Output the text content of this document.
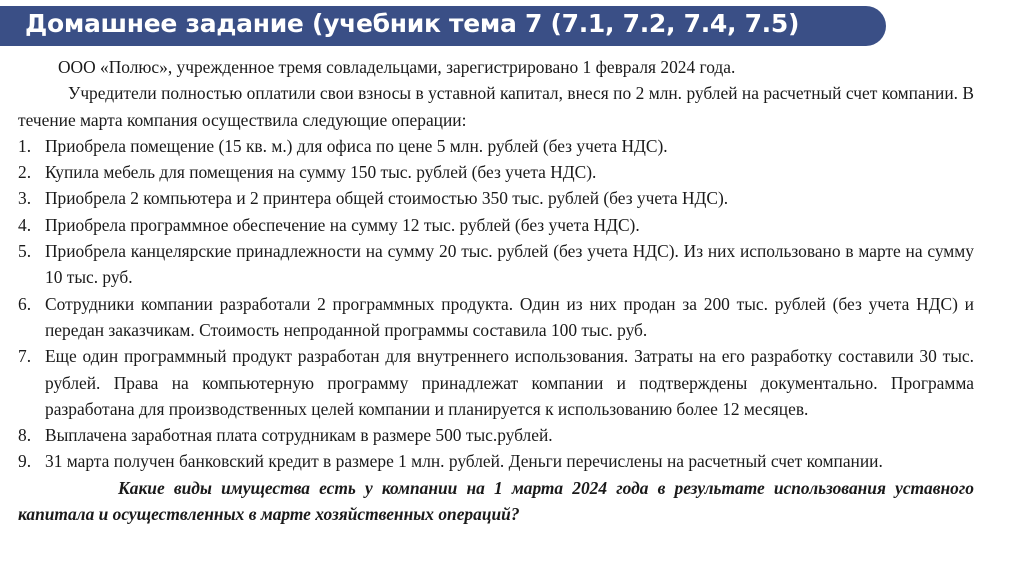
Домашнее задание (учебник тема 7 (7.1, 7.2, 7.4, 7.5)

ООО «Полюс», учрежденное тремя совладельцами, зарегистрировано 1 февраля 2024 года.

Учредители полностью оплатили свои взносы в уставной капитал, внеся по 2 млн. рублей на расчетный счет компании. В течение марта компания осуществила следующие операции:

1. Приобрела помещение (15 кв. м.) для офиса по цене 5 млн. рублей (без учета НДС).
2. Купила мебель для помещения на сумму 150 тыс. рублей (без учета НДС).
3. Приобрела 2 компьютера и 2 принтера общей стоимостью 350 тыс. рублей (без учета НДС).
4. Приобрела программное обеспечение на сумму 12 тыс. рублей (без учета НДС).
5. Приобрела канцелярские принадлежности на сумму 20 тыс. рублей (без учета НДС). Из них использовано в марте на сумму 10 тыс. руб.
6. Сотрудники компании разработали 2 программных продукта. Один из них продан за 200 тыс. рублей (без учета НДС) и передан заказчикам. Стоимость непроданной программы составила 100 тыс. руб.
7. Еще один программный продукт разработан для внутреннего использования. Затраты на его разработку составили 30 тыс. рублей. Права на компьютерную программу принадлежат компании и подтверждены документально. Программа разработана для производственных целей компании и планируется к использованию более 12 месяцев.
8. Выплачена заработная плата сотрудникам в размере 500 тыс.рублей.
9. 31 марта получен банковский кредит в размере 1 млн. рублей. Деньги перечислены на расчетный счет компании.

Какие виды имущества есть у компании на 1 марта 2024 года в результате использования уставного капитала и осуществленных в марте хозяйственных операций?
